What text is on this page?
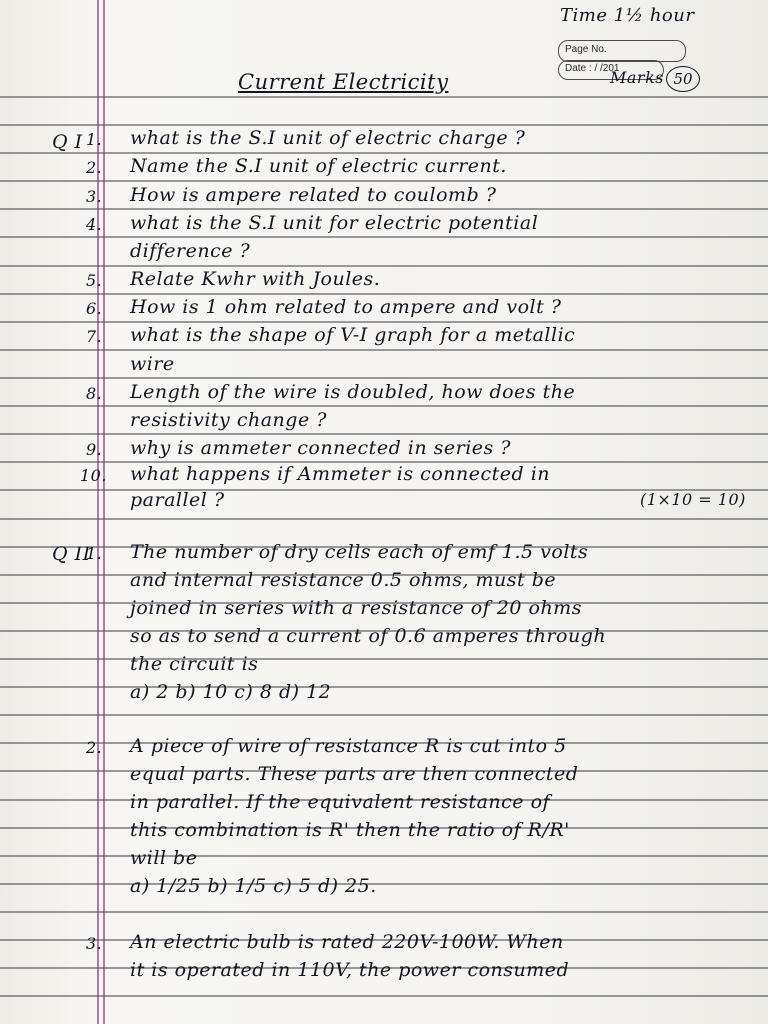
Page No.
Date : / /201
Time 1½ hour
Current Electricity	Marks 50
Q I 1. what is the S.I unit of electric charge ?
2. Name the S.I unit of electric current.
3. How is ampere related to coulomb ?
4. what is the S.I unit for electric potential
difference ?
5. Relate Kwhr with Joules.
6. How is 1 ohm related to ampere and volt ?
7. what is the shape of V-I graph for a metallic
wire
8. Length of the wire is doubled, how does the
resistivity change ?
9. why is ammeter connected in series ?
10. what happens if Ammeter is connected in
parallel ?	(1×10 = 10)
Q II
1. The number of dry cells each of emf 1.5 volts
and internal resistance 0.5 ohms, must be
joined in series with a resistance of 20 ohms
so as to send a current of 0.6 amperes through
the circuit is
a) 2 b) 10 c) 8 d) 12
2. A piece of wire of resistance R is cut into 5
equal parts. These parts are then connected
in parallel. If the equivalent resistance of
this combination is R' then the ratio of R/R'
will be
a) 1/25 b) 1/5 c) 5 d) 25.
3. An electric bulb is rated 220V-100W. When
it is operated in 110V, the power consumed
